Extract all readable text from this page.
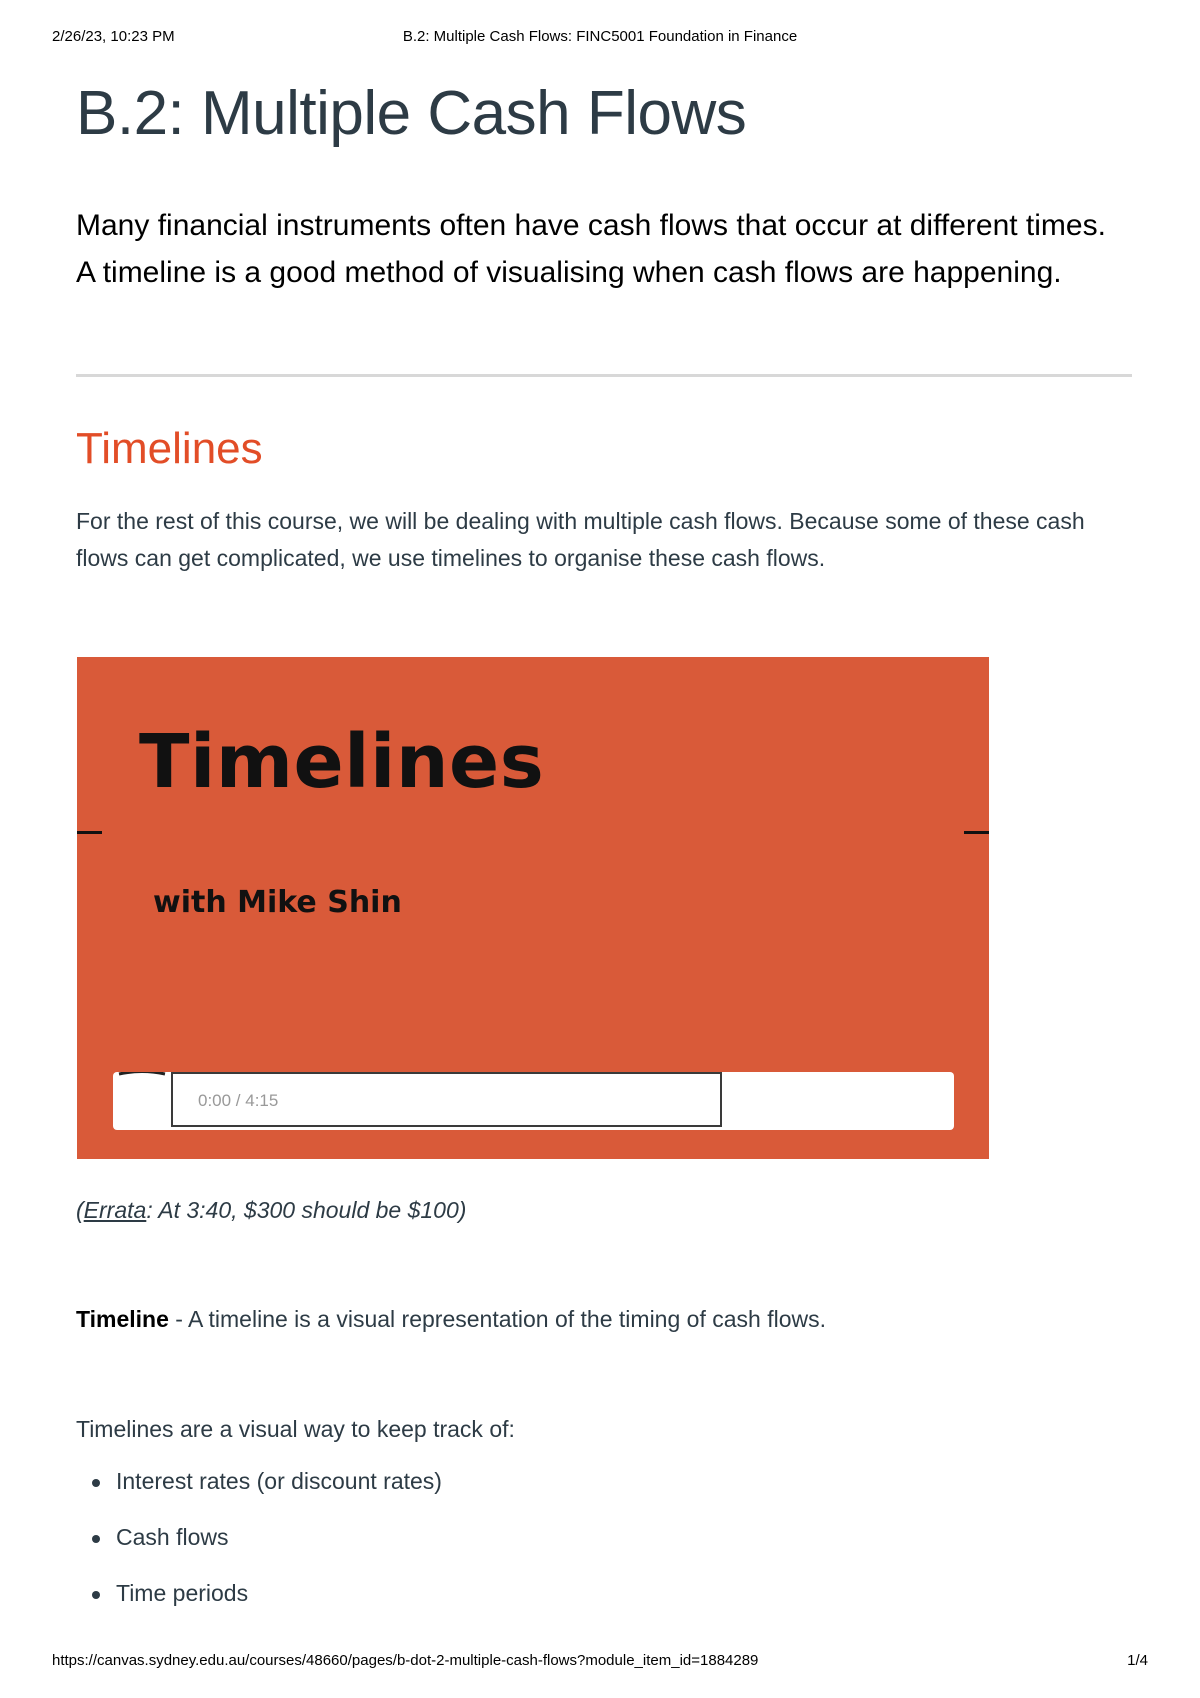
2/26/23, 10:23 PM	B.2: Multiple Cash Flows: FINC5001 Foundation in Finance
B.2: Multiple Cash Flows

Many financial instruments often have cash flows that occur at different times. A timeline is a good method of visualising when cash flows are happening.

Timelines

For the rest of this course, we will be dealing with multiple cash flows. Because some of these cash flows can get complicated, we use timelines to organise these cash flows.

Timelines
with Mike Shin
0:00 / 4:15

(Errata: At 3:40, $300 should be $100)

Timeline - A timeline is a visual representation of the timing of cash flows.

Timelines are a visual way to keep track of:

Interest rates (or discount rates)
Cash flows
Time periods
https://canvas.sydney.edu.au/courses/48660/pages/b-dot-2-multiple-cash-flows?module_item_id=1884289	1/4
